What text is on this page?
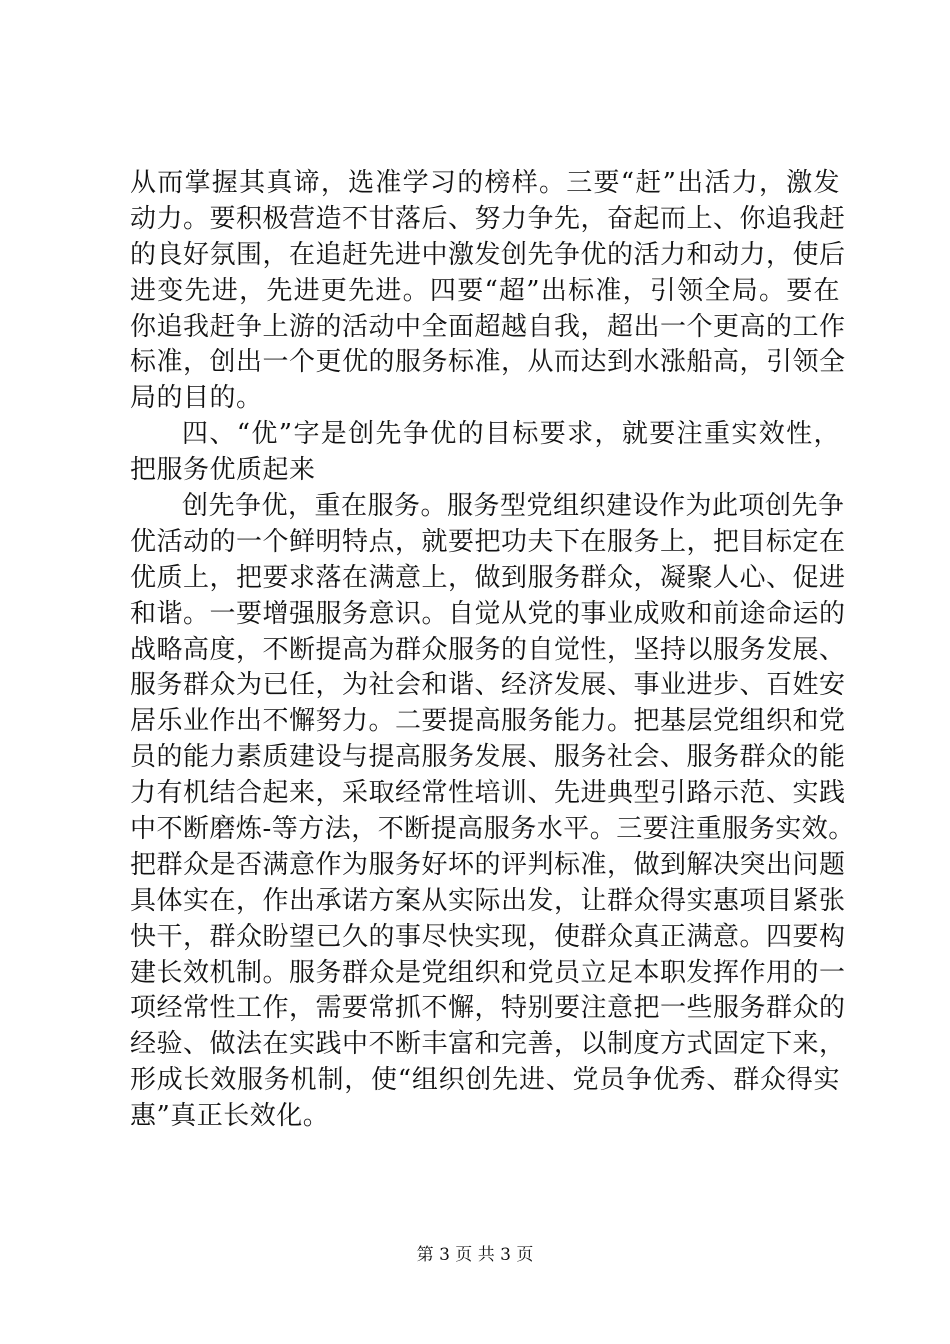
从而掌握其真谛，选准学习的榜样。三要“赶”出活力，激发
动力。要积极营造不甘落后、努力争先，奋起而上、你追我赶
的良好氛围，在追赶先进中激发创先争优的活力和动力，使后
进变先进，先进更先进。四要“超”出标准，引领全局。要在
你追我赶争上游的活动中全面超越自我，超出一个更高的工作
标准，创出一个更优的服务标准，从而达到水涨船高，引领全
局的目的。
四、“优”字是创先争优的目标要求，就要注重实效性，
把服务优质起来
创先争优，重在服务。服务型党组织建设作为此项创先争
优活动的一个鲜明特点，就要把功夫下在服务上，把目标定在
优质上，把要求落在满意上，做到服务群众，凝聚人心、促进
和谐。一要增强服务意识。自觉从党的事业成败和前途命运的
战略高度，不断提高为群众服务的自觉性，坚持以服务发展、
服务群众为已任，为社会和谐、经济发展、事业进步、百姓安
居乐业作出不懈努力。二要提高服务能力。把基层党组织和党
员的能力素质建设与提高服务发展、服务社会、服务群众的能
力有机结合起来，采取经常性培训、先进典型引路示范、实践
中不断磨炼-等方法，不断提高服务水平。三要注重服务实效。
把群众是否满意作为服务好坏的评判标准，做到解决突出问题
具体实在，作出承诺方案从实际出发，让群众得实惠项目紧张
快干，群众盼望已久的事尽快实现，使群众真正满意。四要构
建长效机制。服务群众是党组织和党员立足本职发挥作用的一
项经常性工作，需要常抓不懈，特别要注意把一些服务群众的
经验、做法在实践中不断丰富和完善，以制度方式固定下来，
形成长效服务机制，使“组织创先进、党员争优秀、群众得实
惠”真正长效化。
第 3 页 共 3 页
